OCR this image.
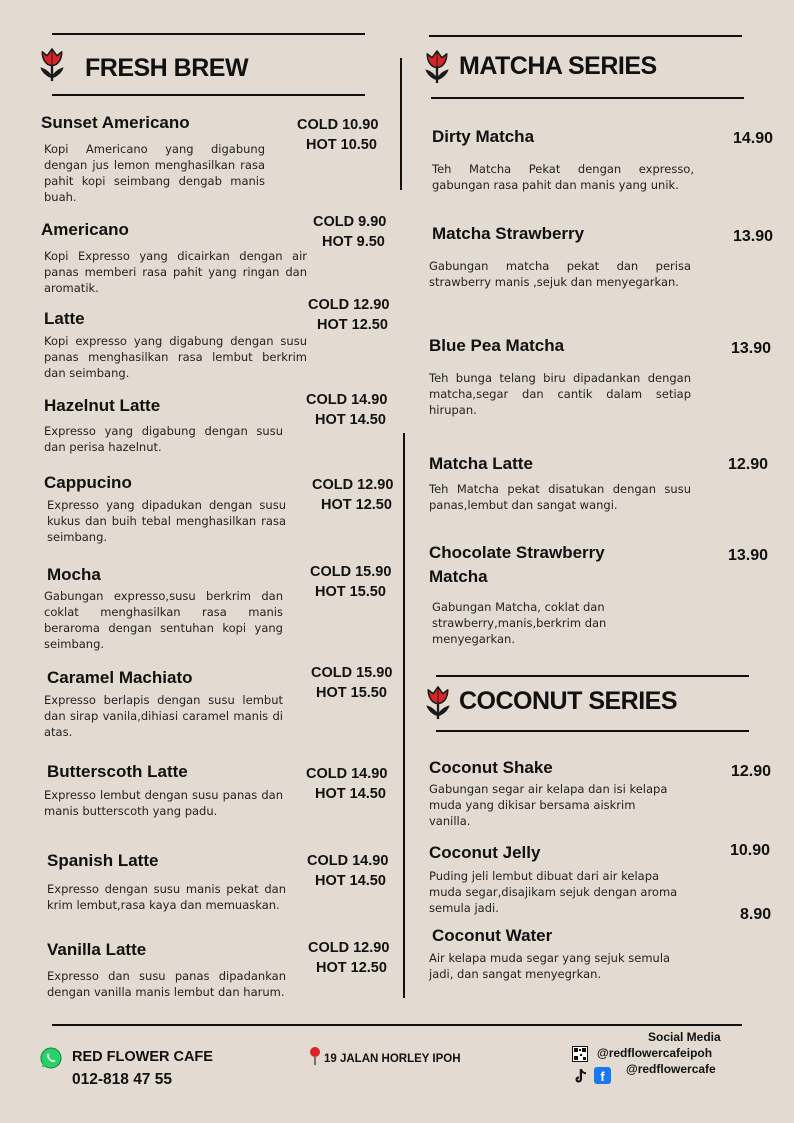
FRESH BREW
Sunset Americano
Kopi Americano yang digabung dengan jus lemon menghasilkan rasa pahit kopi seimbang dengab manis buah.
COLD 10.90
HOT 10.50
Americano
Kopi Expresso yang dicairkan dengan air panas memberi rasa pahit yang ringan dan aromatik.
COLD 9.90
HOT 9.50
Latte
Kopi expresso yang digabung dengan susu panas menghasilkan rasa lembut berkrim dan seimbang.
COLD 12.90
HOT 12.50
Hazelnut Latte
Expresso yang digabung dengan susu dan perisa hazelnut.
COLD 14.90
HOT 14.50
Cappucino
Expresso yang dipadukan dengan susu kukus dan buih tebal menghasilkan rasa seimbang.
COLD 12.90
HOT 12.50
Mocha
Gabungan expresso,susu berkrim dan coklat menghasilkan rasa manis beraroma dengan sentuhan kopi yang seimbang.
COLD 15.90
HOT 15.50
Caramel Machiato
Expresso berlapis dengan susu lembut dan sirap vanila,dihiasi caramel manis di atas.
COLD 15.90
HOT 15.50
Butterscoth Latte
Expresso lembut dengan susu panas dan manis butterscoth yang padu.
COLD 14.90
HOT 14.50
Spanish Latte
Expresso dengan susu manis pekat dan krim lembut,rasa kaya dan memuaskan.
COLD 14.90
HOT 14.50
Vanilla Latte
Expresso dan susu panas dipadankan dengan vanilla manis lembut dan harum.
COLD 12.90
HOT 12.50
MATCHA SERIES
Dirty Matcha
Teh Matcha Pekat dengan expresso, gabungan rasa pahit dan manis yang unik.
14.90
Matcha Strawberry
Gabungan matcha pekat dan perisa strawberry manis ,sejuk dan menyegarkan.
13.90
Blue Pea Matcha
Teh bunga telang biru dipadankan dengan matcha,segar dan cantik dalam setiap hirupan.
13.90
Matcha Latte
Teh Matcha pekat disatukan dengan susu panas,lembut dan sangat wangi.
12.90
Chocolate Strawberry
Matcha
Gabungan Matcha, coklat dan strawberry,manis,berkrim dan menyegarkan.
13.90
COCONUT SERIES
Coconut Shake
Gabungan segar air kelapa dan isi kelapa muda yang dikisar bersama aiskrim vanilla.
12.90
Coconut Jelly
Puding jeli lembut dibuat dari air kelapa muda segar,disajikam sejuk dengan aroma semula jadi.
10.90
Coconut Water
Air kelapa muda segar yang sejuk semula jadi, dan sangat menyegrkan.
8.90
RED FLOWER CAFE
012-818 47 55
19 JALAN HORLEY IPOH
Social Media
@redflowercafeipoh
f	@redflowercafe
